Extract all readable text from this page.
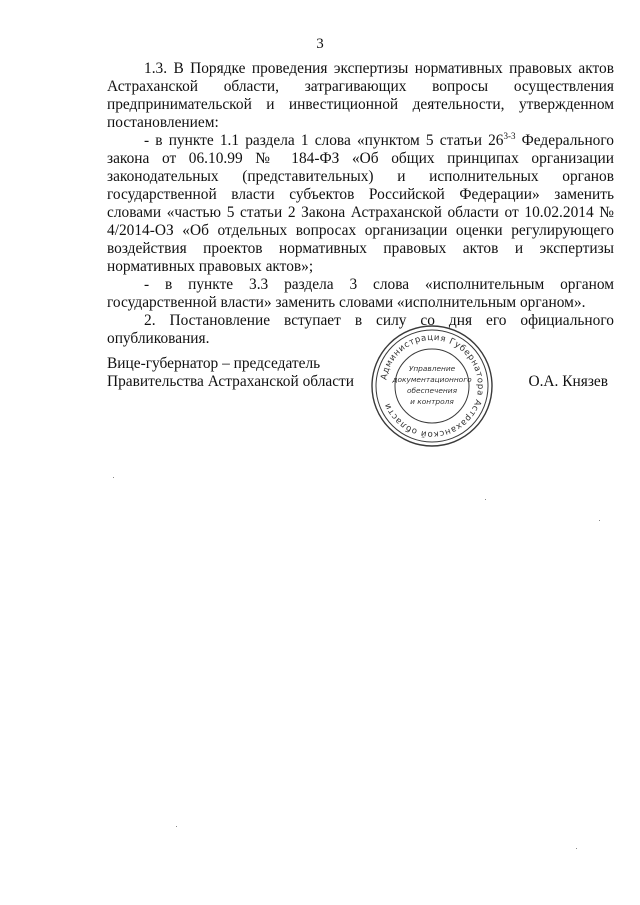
3

1.3. В Порядке проведения экспертизы нормативных правовых актов Астраханской области, затрагивающих вопросы осуществления предпринимательской и инвестиционной деятельности, утвержденном постановлением:

- в пункте 1.1 раздела 1 слова «пунктом 5 статьи 26$^{3-3}$ Федерального закона от 06.10.99 № 184-ФЗ «Об общих принципах организации законодательных (представительных) и исполнительных органов государственной власти субъектов Российской Федерации» заменить словами «частью 5 статьи 2 Закона Астраханской области от 10.02.2014 № 4/2014-ОЗ «Об отдельных вопросах организации оценки регулирующего воздействия проектов нормативных правовых актов и экспертизы нормативных правовых актов»;

- в пункте 3.3 раздела 3 слова «исполнительным органом государственной власти» заменить словами «исполнительным органом».

2. Постановление вступает в силу со дня его официального опубликования.

Вице-губернатор – председатель
Правительства Астраханской области	Администрация Губернатора Астраханской области
Управление
документационного
обеспечения
и контроля
О.А. Князев
